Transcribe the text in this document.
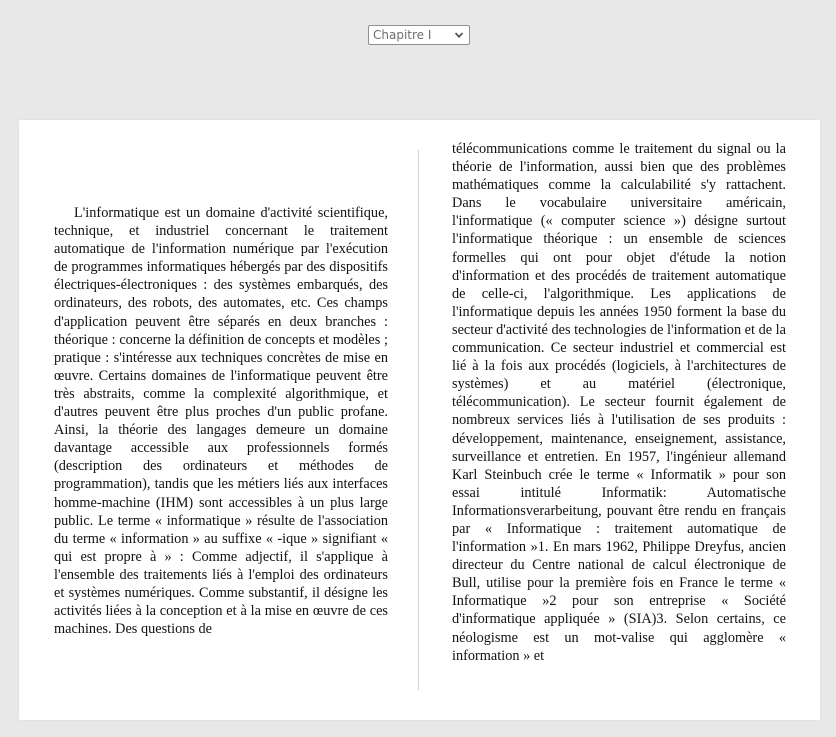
Chapitre I

L'informatique est un domaine d'activité scientifique, technique, et industriel concernant le traitement automatique de l'information numérique par l'exécution de programmes informatiques hébergés par des dispositifs électriques-électroniques : des systèmes embarqués, des ordinateurs, des robots, des automates, etc. Ces champs d'application peuvent être séparés en deux branches : théorique : concerne la définition de concepts et modèles ; pratique : s'intéresse aux techniques concrètes de mise en œuvre. Certains domaines de l'informatique peuvent être très abstraits, comme la complexité algorithmique, et d'autres peuvent être plus proches d'un public profane. Ainsi, la théorie des langages demeure un domaine davantage accessible aux professionnels formés (description des ordinateurs et méthodes de programmation), tandis que les métiers liés aux interfaces homme-machine (IHM) sont accessibles à un plus large public. Le terme « informatique » résulte de l'association du terme « information » au suffixe « -ique » signifiant « qui est propre à » : Comme adjectif, il s'applique à l'ensemble des traitements liés à l'emploi des ordinateurs et systèmes numériques. Comme substantif, il désigne les activités liées à la conception et à la mise en œuvre de ces machines. Des questions de

télécommunications comme le traitement du signal ou la théorie de l'information, aussi bien que des problèmes mathématiques comme la calculabilité s'y rattachent. Dans le vocabulaire universitaire américain, l'informatique (« computer science ») désigne surtout l'informatique théorique : un ensemble de sciences formelles qui ont pour objet d'étude la notion d'information et des procédés de traitement automatique de celle-ci, l'algorithmique. Les applications de l'informatique depuis les années 1950 forment la base du secteur d'activité des technologies de l'information et de la communication. Ce secteur industriel et commercial est lié à la fois aux procédés (logiciels, à l'architectures de systèmes) et au matériel (électronique, télécommunication). Le secteur fournit également de nombreux services liés à l'utilisation de ses produits : développement, maintenance, enseignement, assistance, surveillance et entretien. En 1957, l'ingénieur allemand Karl Steinbuch crée le terme « Informatik » pour son essai intitulé Informatik: Automatische Informationsverarbeitung, pouvant être rendu en français par « Informatique : traitement automatique de l'information »1. En mars 1962, Philippe Dreyfus, ancien directeur du Centre national de calcul électronique de Bull, utilise pour la première fois en France le terme « Informatique »2 pour son entreprise « Société d'informatique appliquée » (SIA)3. Selon certains, ce néologisme est un mot-valise qui agglomère « information » et
